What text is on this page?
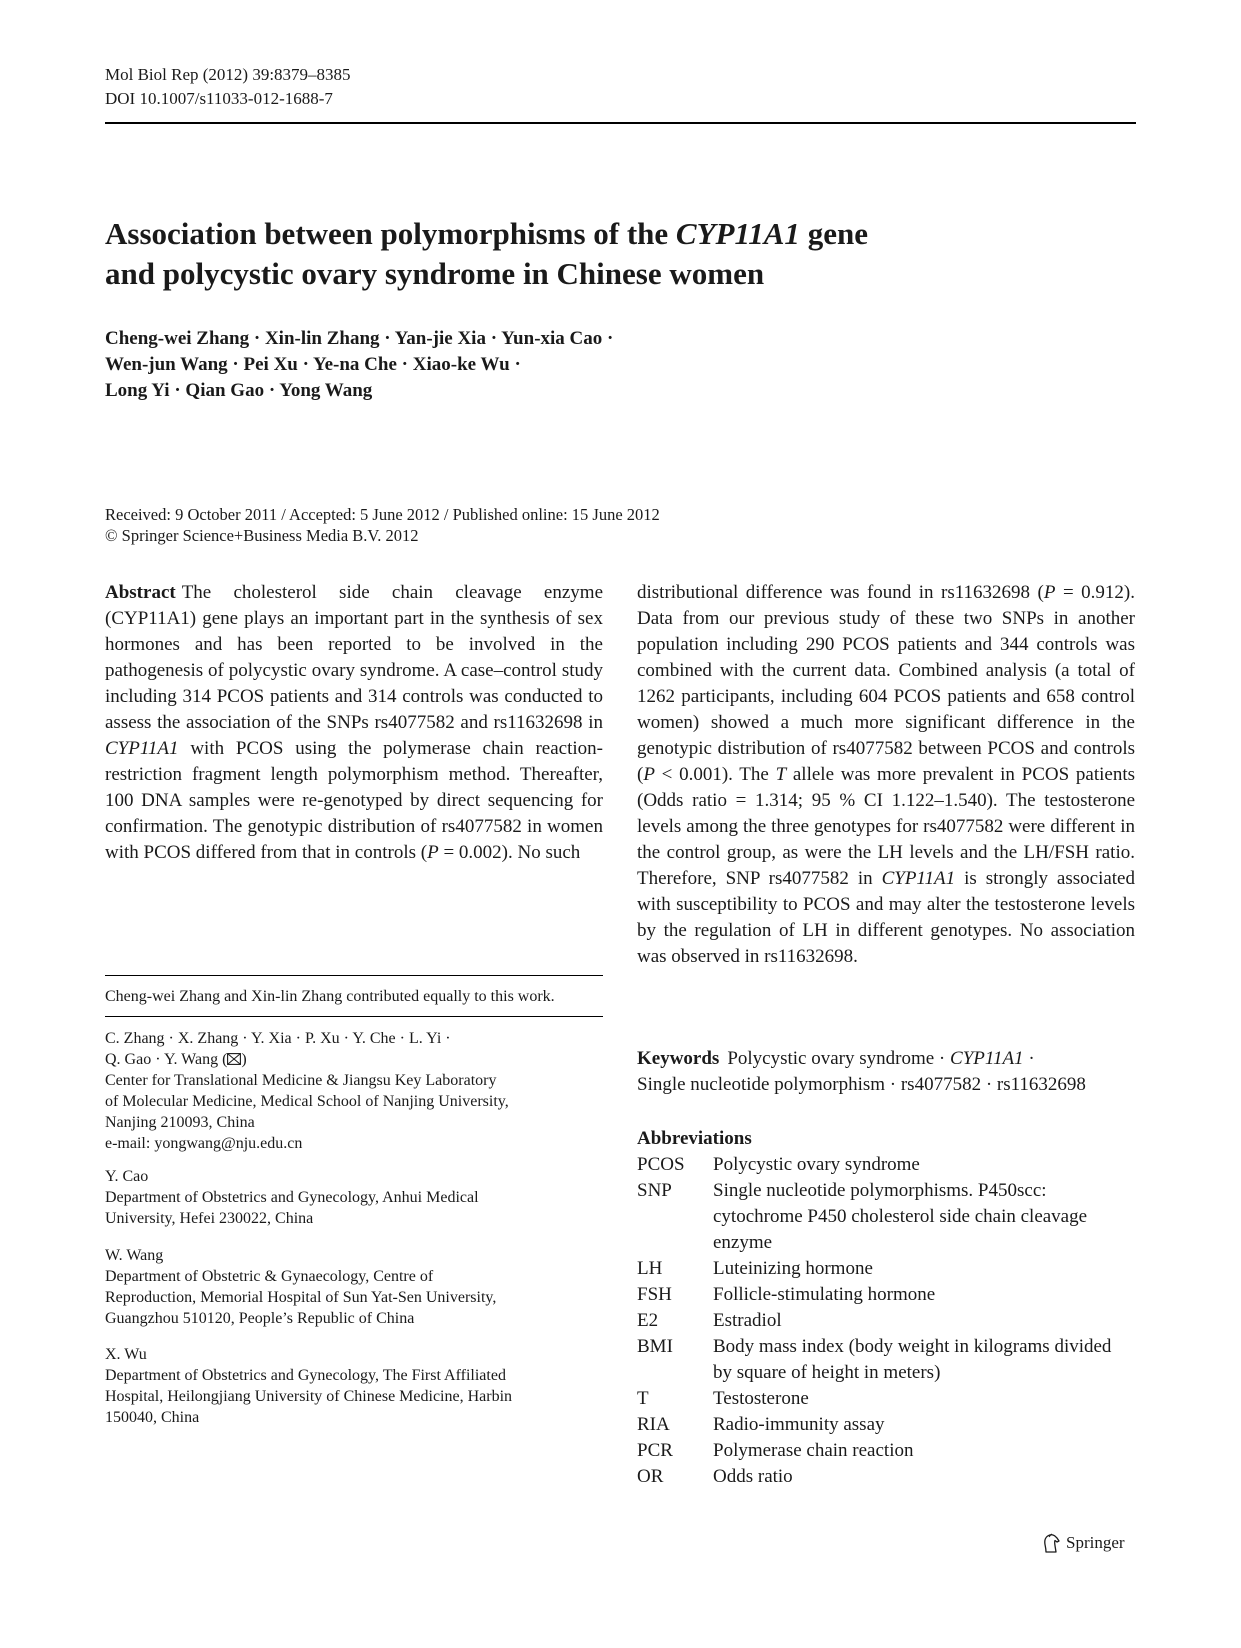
Mol Biol Rep (2012) 39:8379–8385
DOI 10.1007/s11033-012-1688-7
Association between polymorphisms of the CYP11A1 gene
and polycystic ovary syndrome in Chinese women
Cheng-wei Zhang · Xin-lin Zhang · Yan-jie Xia · Yun-xia Cao ·
Wen-jun Wang · Pei Xu · Ye-na Che · Xiao-ke Wu ·
Long Yi · Qian Gao · Yong Wang
Received: 9 October 2011 / Accepted: 5 June 2012 / Published online: 15 June 2012
© Springer Science+Business Media B.V. 2012

Abstract The cholesterol side chain cleavage enzyme (CYP11A1) gene plays an important part in the synthesis of sex hormones and has been reported to be involved in the pathogenesis of polycystic ovary syndrome. A case–control study including 314 PCOS patients and 314 controls was conducted to assess the association of the SNPs rs4077582 and rs11632698 in CYP11A1 with PCOS using the polymerase chain reaction-restriction fragment length polymorphism method. Thereafter, 100 DNA samples were re-genotyped by direct sequencing for confirmation. The genotypic distribution of rs4077582 in women with PCOS differed from that in controls (P = 0.002). No such

distributional difference was found in rs11632698 (P = 0.912). Data from our previous study of these two SNPs in another population including 290 PCOS patients and 344 controls was combined with the current data. Combined analysis (a total of 1262 participants, including 604 PCOS patients and 658 control women) showed a much more significant difference in the genotypic distribution of rs4077582 between PCOS and controls (P < 0.001). The T allele was more prevalent in PCOS patients (Odds ratio = 1.314; 95 % CI 1.122–1.540). The testosterone levels among the three genotypes for rs4077582 were different in the control group, as were the LH levels and the LH/FSH ratio. Therefore, SNP rs4077582 in CYP11A1 is strongly associated with susceptibility to PCOS and may alter the testosterone levels by the regulation of LH in different genotypes. No association was observed in rs11632698.

Cheng-wei Zhang and Xin-lin Zhang contributed equally to this work.

C. Zhang · X. Zhang · Y. Xia · P. Xu · Y. Che · L. Yi ·

Q. Gao · Y. Wang ( )

Center for Translational Medicine & Jiangsu Key Laboratory

of Molecular Medicine, Medical School of Nanjing University,

Nanjing 210093, China

e-mail: yongwang@nju.edu.cn

Y. Cao

Department of Obstetrics and Gynecology, Anhui Medical

University, Hefei 230022, China

W. Wang

Department of Obstetric & Gynaecology, Centre of

Reproduction, Memorial Hospital of Sun Yat-Sen University,

Guangzhou 510120, People’s Republic of China

X. Wu

Department of Obstetrics and Gynecology, The First Affiliated

Hospital, Heilongjiang University of Chinese Medicine, Harbin

150040, China

Keywords Polycystic ovary syndrome · CYP11A1 ·
Single nucleotide polymorphism · rs4077582 · rs11632698
Abbreviations
PCOS	Polycystic ovary syndrome
SNP	Single nucleotide polymorphisms. P450scc: cytochrome P450 cholesterol side chain cleavage enzyme
LH	Luteinizing hormone
FSH	Follicle-stimulating hormone
E2	Estradiol
BMI	Body mass index (body weight in kilograms divided by square of height in meters)
T	Testosterone
RIA	Radio-immunity assay
PCR	Polymerase chain reaction
OR	Odds ratio
Springer
